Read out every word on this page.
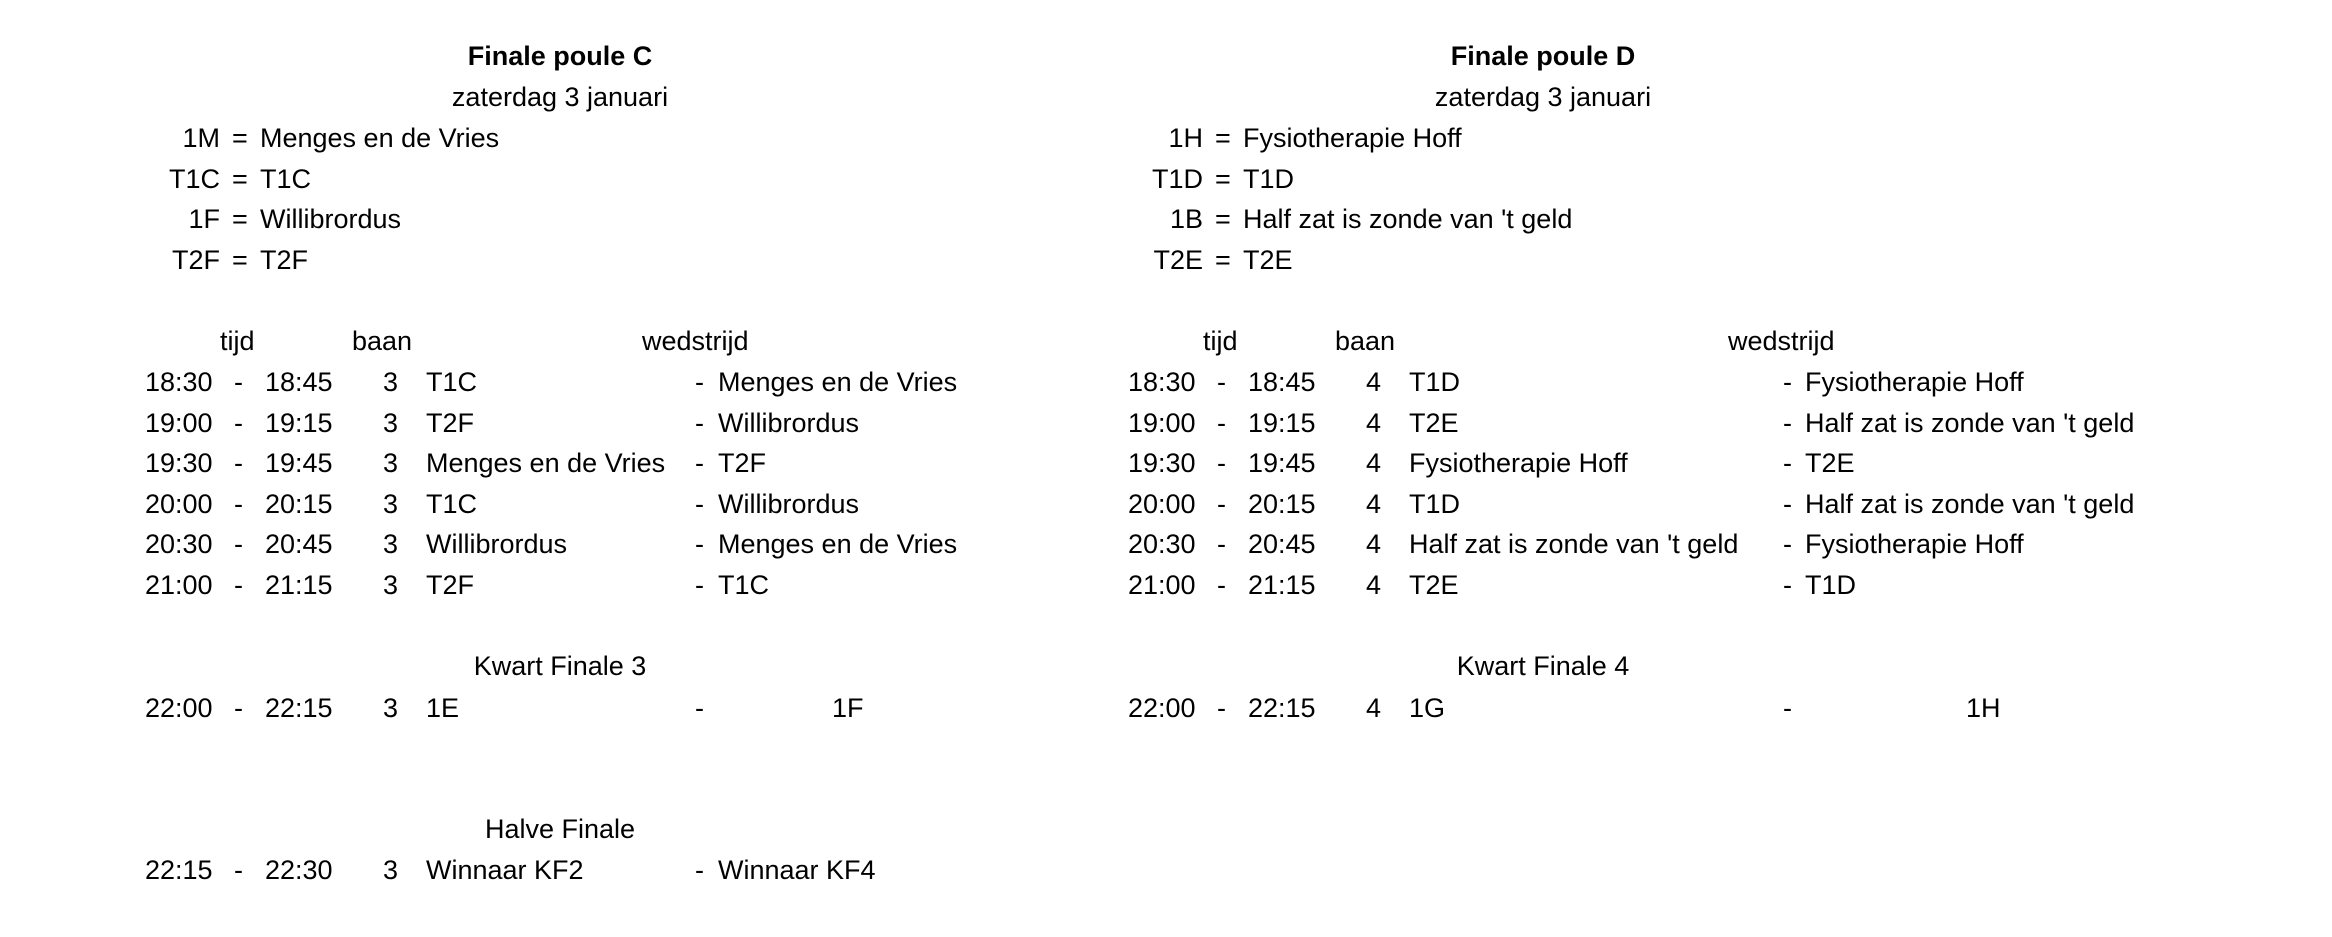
Finale poule C
zaterdag 3 januari
1M = Menges en de Vries
T1C = T1C
1F = Willibrordus
T2F = T2F
tijd	baan	wedstrijd
18:30 - 18:45	3 T1C	- Menges en de Vries
19:00 - 19:15	3 T2F	- Willibrordus
19:30 - 19:45	3 Menges en de Vries - T2F
20:00 - 20:15	3 T1C	- Willibrordus
20:30 - 20:45	3 Willibrordus	- Menges en de Vries
21:00 - 21:15	3 T2F	- T1C
Kwart Finale 3
22:00 - 22:15	3 1E	-	1F
Halve Finale
22:15 - 22:30	3 Winnaar KF2	- Winnaar KF4
Finale poule D
zaterdag 3 januari
1H = Fysiotherapie Hoff
T1D = T1D
1B = Half zat is zonde van 't geld
T2E = T2E
tijd	baan	wedstrijd
18:30 - 18:45	4 T1D	- Fysiotherapie Hoff
19:00 - 19:15	4 T2E	- Half zat is zonde van 't geld
19:30 - 19:45	4 Fysiotherapie Hoff	- T2E
20:00 - 20:15	4 T1D	- Half zat is zonde van 't geld
20:30 - 20:45	4 Half zat is zonde van 't geld - Fysiotherapie Hoff
21:00 - 21:15	4 T2E	- T1D
Kwart Finale 4
22:00 - 22:15	4 1G	-	1H
